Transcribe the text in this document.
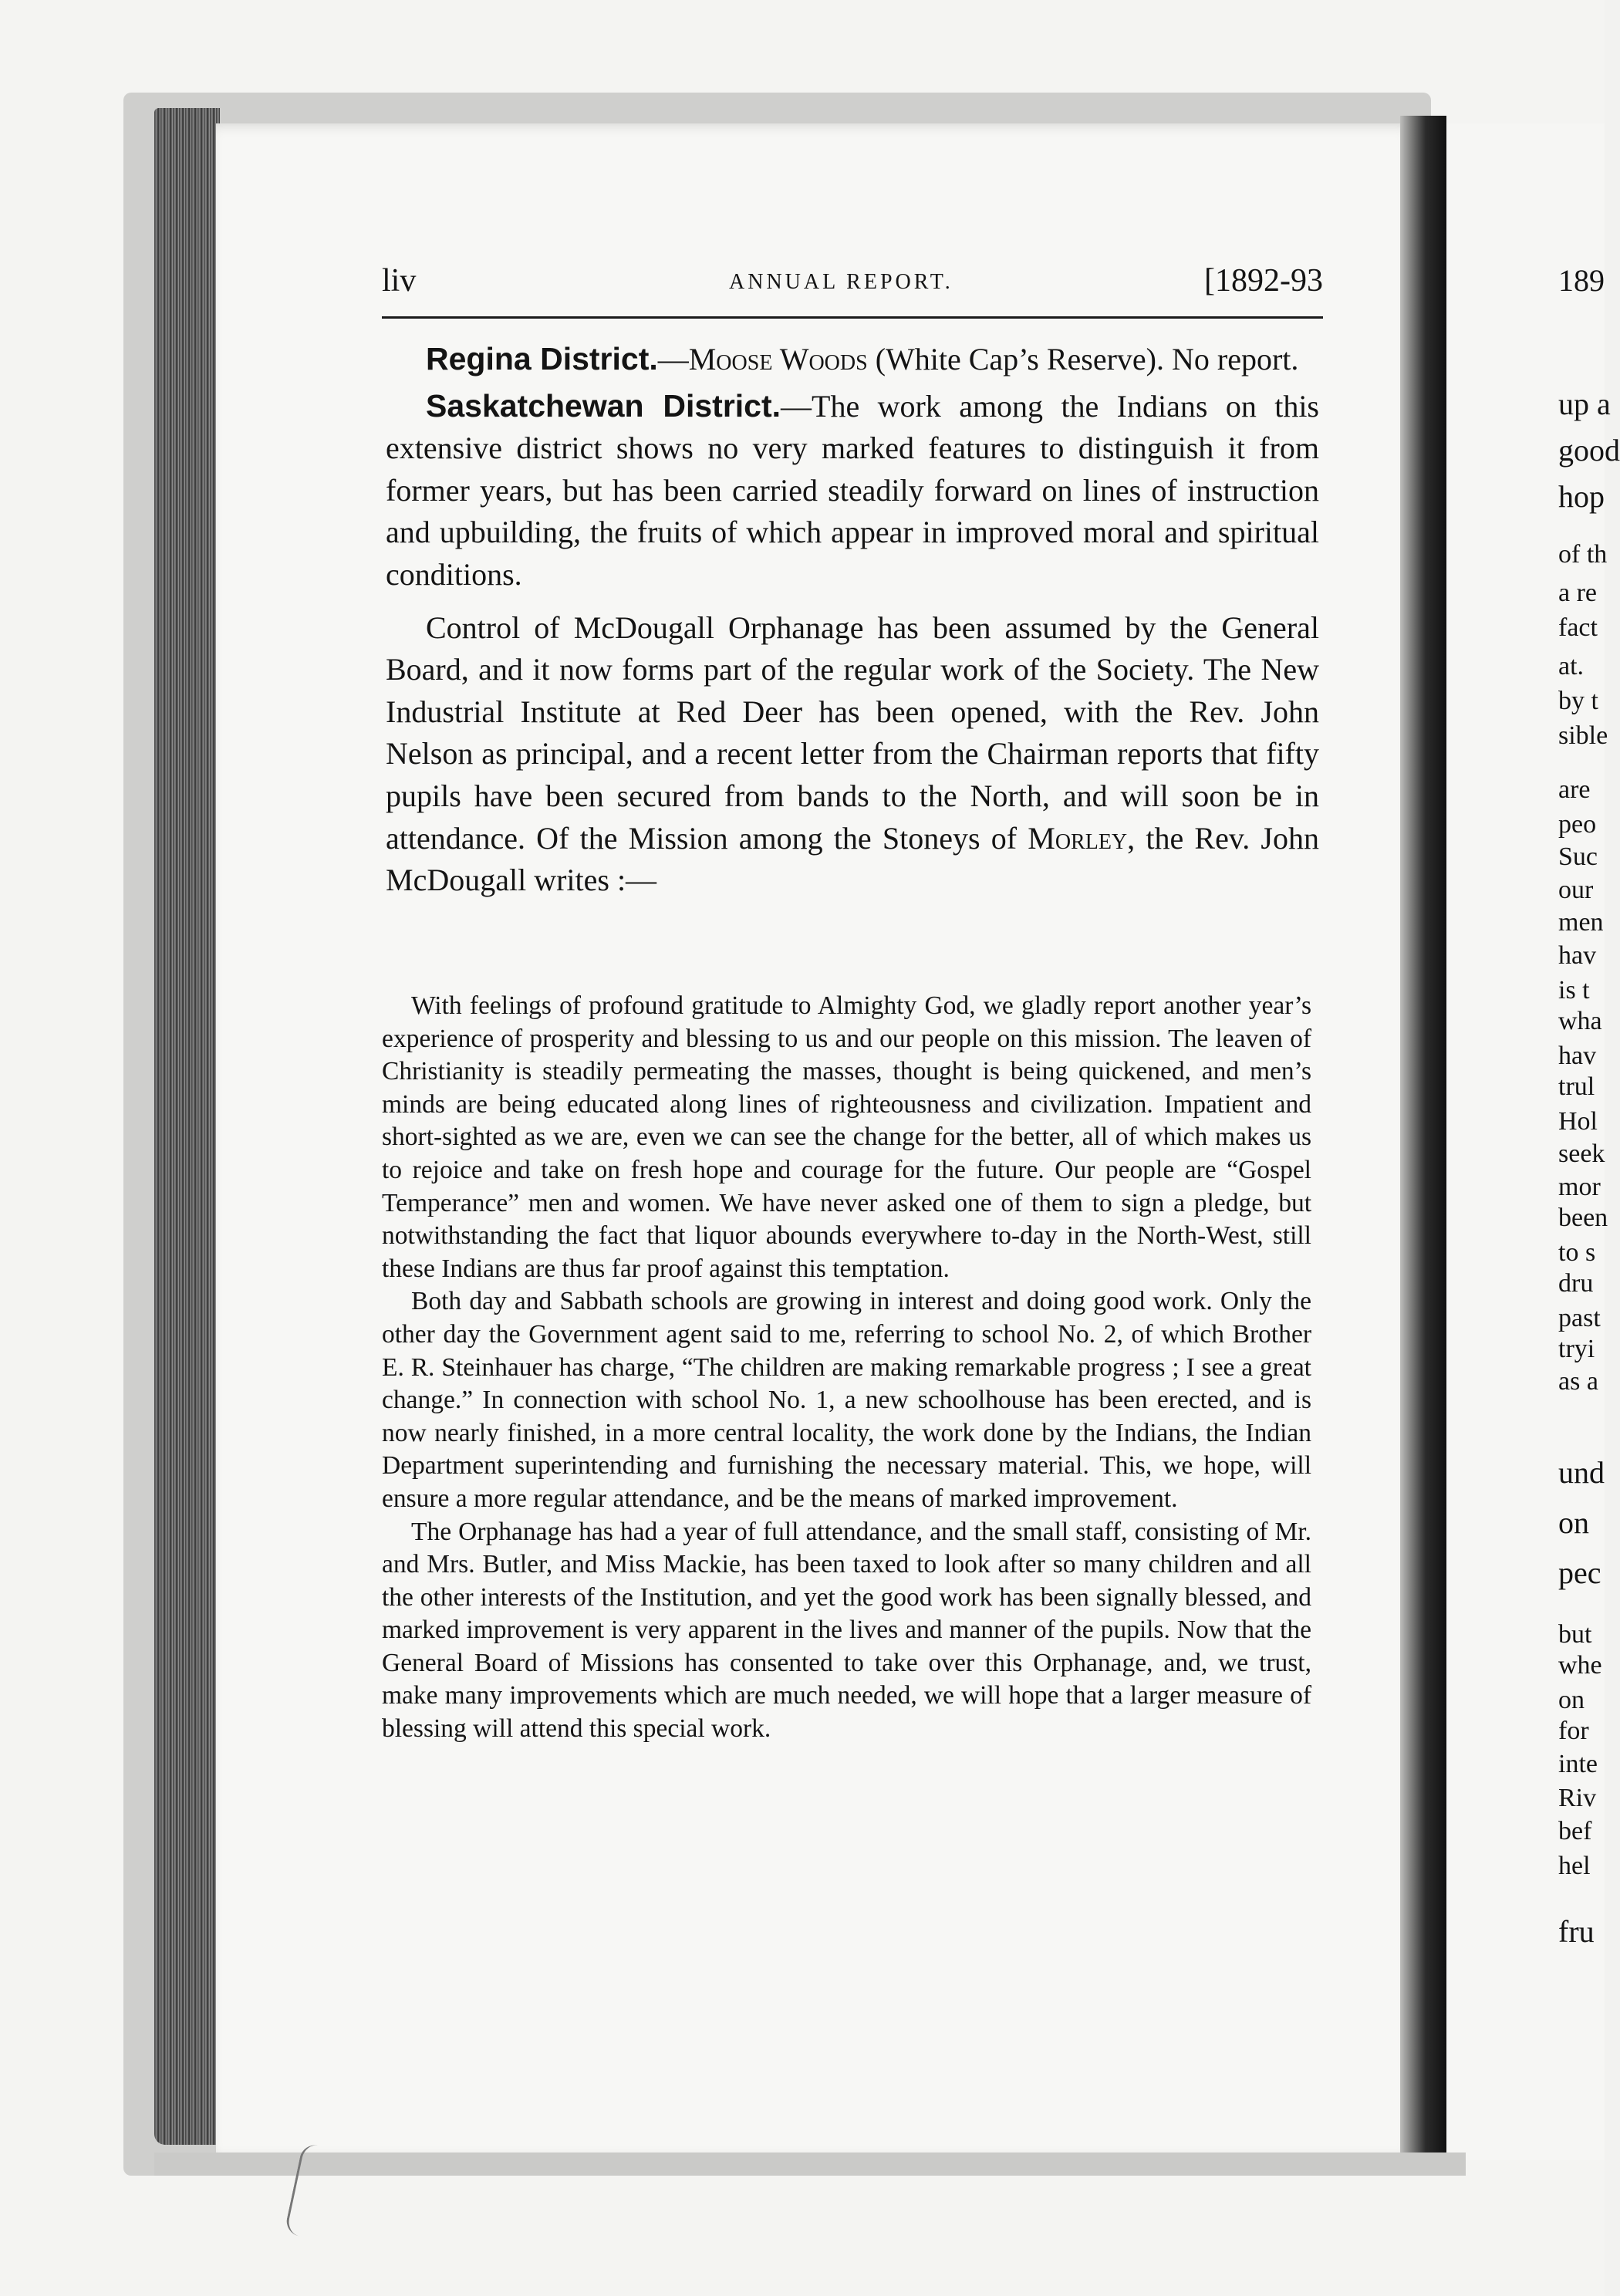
liv	ANNUAL REPORT.	[1892-93

Regina District.—Moose Woods (White Cap’s Reserve). No report.

Saskatchewan District.—The work among the Indians on this extensive district shows no very marked features to distinguish it from former years, but has been carried steadily forward on lines of instruction and upbuilding, the fruits of which appear in improved moral and spiritual conditions.

Control of McDougall Orphanage has been assumed by the General Board, and it now forms part of the regular work of the Society. The New Industrial Institute at Red Deer has been opened, with the Rev. John Nelson as principal, and a recent letter from the Chairman reports that fifty pupils have been secured from bands to the North, and will soon be in attendance. Of the Mission among the Stoneys of Morley, the Rev. John McDougall writes :—

With feelings of profound gratitude to Almighty God, we gladly report another year’s experience of prosperity and blessing to us and our people on this mission. The leaven of Christianity is steadily permeating the masses, thought is being quickened, and men’s minds are being educated along lines of righteousness and civilization. Impatient and short-sighted as we are, even we can see the change for the better, all of which makes us to rejoice and take on fresh hope and courage for the future. Our people are “Gospel Temperance” men and women. We have never asked one of them to sign a pledge, but notwithstanding the fact that liquor abounds everywhere to-day in the North-West, still these Indians are thus far proof against this temptation.

Both day and Sabbath schools are growing in interest and doing good work. Only the other day the Government agent said to me, referring to school No. 2, of which Brother E. R. Steinhauer has charge, “The children are making remarkable progress ; I see a great change.” In connection with school No. 1, a new schoolhouse has been erected, and is now nearly finished, in a more central locality, the work done by the Indians, the Indian Department superintending and furnishing the necessary material. This, we hope, will ensure a more regular attendance, and be the means of marked improvement.

The Orphanage has had a year of full attendance, and the small staff, consisting of Mr. and Mrs. Butler, and Miss Mackie, has been taxed to look after so many children and all the other interests of the Institution, and yet the good work has been signally blessed, and marked improvement is very apparent in the lives and manner of the pupils. Now that the General Board of Missions has consented to take over this Orphanage, and, we trust, make many improvements which are much needed, we will hope that a larger measure of blessing will attend this special work.

189
up a
good
hop
of th
a re
fact
at.
by t
sible
are
peo
Suc
our
men
hav
is t
wha
hav
trul
Hol
seek
mor
been
to s
dru
past
tryi
as a
und
on
pec
but
whe
on
for
inte
Riv
bef
hel
fru
